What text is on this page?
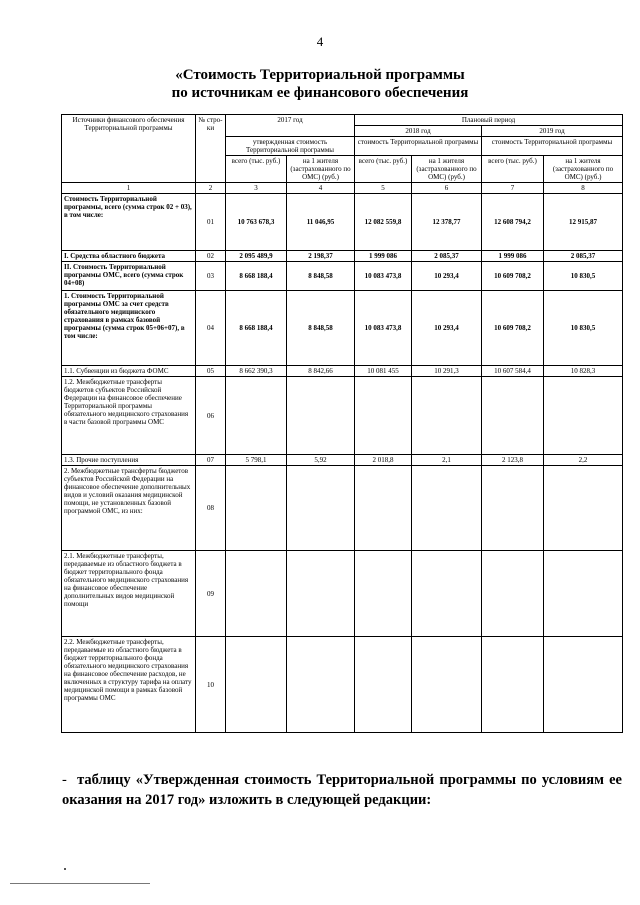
4
«Стоимость Территориальной программы
по источникам ее финансового обеспечения
Источники финансового обеспечения Территориальной программы	№ стро-ки	2017 год		Плановый период			
				2018 год		2019 год	
		утвержденная стоимость Территориальной программы		стоимость Территориальной программы		стоимость Территориальной программы	
		всего (тыс. руб.)	на 1 жителя (застрахованного по ОМС) (руб.)	всего (тыс. руб.)	на 1 жителя (застрахованного по ОМС) (руб.)	всего (тыс. руб.)	на 1 жителя (застрахованного по ОМС) (руб.)
1	2	3	4	5	6	7	8
Стоимость Территориальной программы, всего (сумма строк 02 + 03), в том числе:	01	10 763 678,3	11 046,95	12 082 559,8	12 378,77	12 608 794,2	12 915,87
I. Средства областного бюджета	02	2 095 489,9	2 198,37	1 999 086	2 085,37	1 999 086	2 085,37
II. Стоимость Территориальной программы ОМС, всего (сумма строк 04+08)	03	8 668 188,4	8 848,58	10 083 473,8	10 293,4	10 609 708,2	10 830,5
1. Стоимость Территориальной программы ОМС за счет средств обязательного медицинского страхования в рамках базовой программы (сумма строк 05+06+07), в том числе:	04	8 668 188,4	8 848,58	10 083 473,8	10 293,4	10 609 708,2	10 830,5
1.1. Субвенции из бюджета ФОМС	05	8 662 390,3	8 842,66	10 081 455	10 291,3	10 607 584,4	10 828,3
1.2. Межбюджетные трансферты бюджетов субъектов Российской Федерации на финансовое обеспечение Территориальной программы обязательного медицинского страхования в части базовой программы ОМС	06						
1.3. Прочие поступления	07	5 798,1	5,92	2 018,8	2,1	2 123,8	2,2
2. Межбюджетные трансферты бюджетов субъектов Российской Федерации на финансовое обеспечение дополнительных видов и условий оказания медицинской помощи, не установленных базовой программой ОМС, из них:	08						
2.1. Межбюджетные трансферты, передаваемые из областного бюджета в бюджет территориального фонда обязательного медицинского страхования на финансовое обеспечение дополнительных видов медицинской помощи	09						
2.2. Межбюджетные трансферты, передаваемые из областного бюджета в бюджет территориального фонда обязательного медицинского страхования на финансовое обеспечение расходов, не включенных в структуру тарифа на оплату медицинской помощи в рамках базовой программы ОМС	10						
- таблицу «Утвержденная стоимость Территориальной программы по условиям ее оказания на 2017 год» изложить в следующей редакции:
